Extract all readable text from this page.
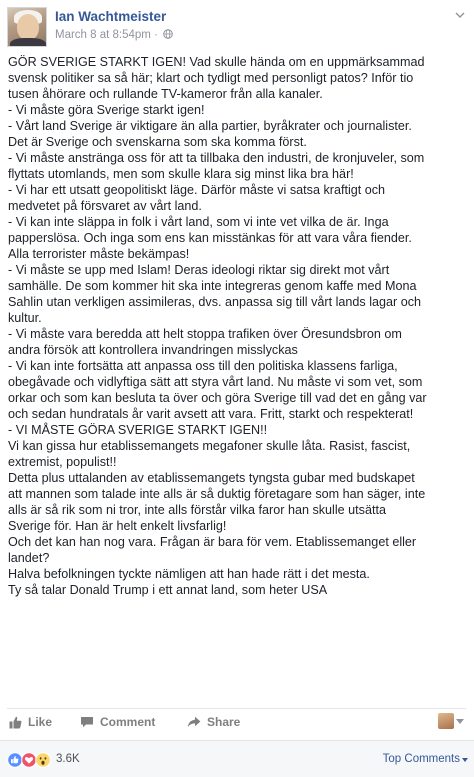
Ian Wachtmeister
March 8 at 8:54pm ·

GÖR SVERIGE STARKT IGEN! Vad skulle hända om en uppmärksammad

svensk politiker sa så här; klart och tydligt med personligt patos? Inför tio

tusen åhörare och rullande TV-kameror från alla kanaler.

- Vi måste göra Sverige starkt igen!

- Vårt land Sverige är viktigare än alla partier, byråkrater och journalister.

Det är Sverige och svenskarna som ska komma först.

- Vi måste anstränga oss för att ta tillbaka den industri, de kronjuveler, som

flyttats utomlands, men som skulle klara sig minst lika bra här!

- Vi har ett utsatt geopolitiskt läge. Därför måste vi satsa kraftigt och

medvetet på försvaret av vårt land.

- Vi kan inte släppa in folk i vårt land, som vi inte vet vilka de är. Inga

papperslösa. Och inga som ens kan misstänkas för att vara våra fiender.

Alla terrorister måste bekämpas!

- Vi måste se upp med Islam! Deras ideologi riktar sig direkt mot vårt

samhälle. De som kommer hit ska inte integreras genom kaffe med Mona

Sahlin utan verkligen assimileras, dvs. anpassa sig till vårt lands lagar och

kultur.

- Vi måste vara beredda att helt stoppa trafiken över Öresundsbron om

andra försök att kontrollera invandringen misslyckas

- Vi kan inte fortsätta att anpassa oss till den politiska klassens farliga,

obegåvade och vidlyftiga sätt att styra vårt land. Nu måste vi som vet, som

orkar och som kan besluta ta över och göra Sverige till vad det en gång var

och sedan hundratals år varit avsett att vara. Fritt, starkt och respekterat!

- VI MÅSTE GÖRA SVERIGE STARKT IGEN!!

Vi kan gissa hur etablissemangets megafoner skulle låta. Rasist, fascist,

extremist, populist!!

Detta plus uttalanden av etablissemangets tyngsta gubar med budskapet

att mannen som talade inte alls är så duktig företagare som han säger, inte

alls är så rik som ni tror, inte alls förstår vilka faror han skulle utsätta

Sverige för. Han är helt enkelt livsfarlig!

Och det kan han nog vara. Frågan är bara för vem. Etablissemanget eller

landet?

Halva befolkningen tyckte nämligen att han hade rätt i det mesta.

Ty så talar Donald Trump i ett annat land, som heter USA

Like	Comment	Share
3.6K	Top Comments
